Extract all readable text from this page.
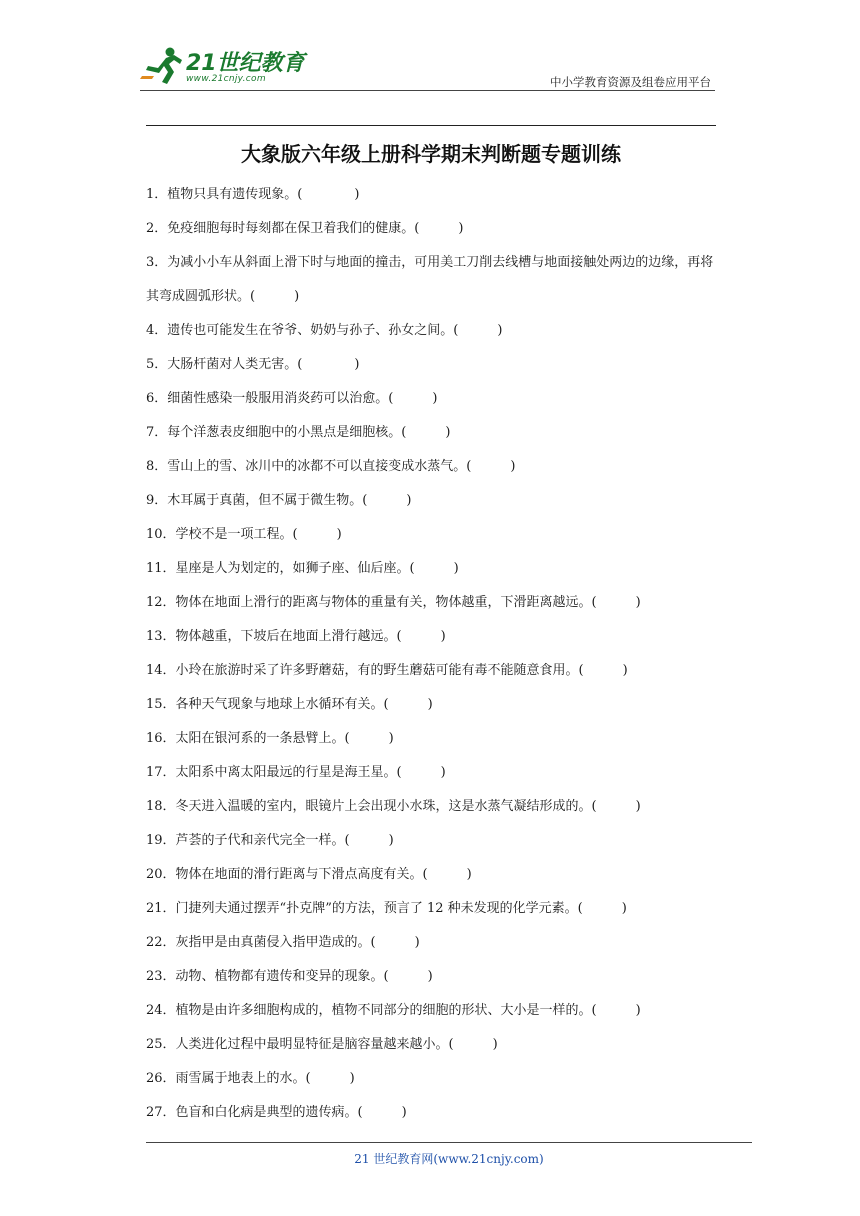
21世纪教育
www.21cnjy.com	中小学教育资源及组卷应用平台
大象版六年级上册科学期末判断题专题训练
1．植物只具有遗传现象。(　　　　)
2．免疫细胞每时每刻都在保卫着我们的健康。(　　　)
3．为减小小车从斜面上滑下时与地面的撞击，可用美工刀削去线槽与地面接触处两边的边缘，再将其弯成圆弧形状。(　　　)
4．遗传也可能发生在爷爷、奶奶与孙子、孙女之间。(　　　)
5．大肠杆菌对人类无害。(　　　　)
6．细菌性感染一般服用消炎药可以治愈。(　　　)
7．每个洋葱表皮细胞中的小黑点是细胞核。(　　　)
8．雪山上的雪、冰川中的冰都不可以直接变成水蒸气。(　　　)
9．木耳属于真菌，但不属于微生物。(　　　)
10．学校不是一项工程。(　　　)
11．星座是人为划定的，如狮子座、仙后座。(　　　)
12．物体在地面上滑行的距离与物体的重量有关，物体越重，下滑距离越远。(　　　)
13．物体越重，下坡后在地面上滑行越远。(　　　)
14．小玲在旅游时采了许多野蘑菇，有的野生蘑菇可能有毒不能随意食用。(　　　)
15．各种天气现象与地球上水循环有关。(　　　)
16．太阳在银河系的一条悬臂上。(　　　)
17．太阳系中离太阳最远的行星是海王星。(　　　)
18．冬天进入温暖的室内，眼镜片上会出现小水珠，这是水蒸气凝结形成的。(　　　)
19．芦荟的子代和亲代完全一样。(　　　)
20．物体在地面的滑行距离与下滑点高度有关。(　　　)
21．门捷列夫通过摆弄“扑克牌”的方法，预言了 12 种未发现的化学元素。(　　　)
22．灰指甲是由真菌侵入指甲造成的。(　　　)
23．动物、植物都有遗传和变异的现象。(　　　)
24．植物是由许多细胞构成的，植物不同部分的细胞的形状、大小是一样的。(　　　)
25．人类进化过程中最明显特征是脑容量越来越小。(　　　)
26．雨雪属于地表上的水。(　　　)
27．色盲和白化病是典型的遗传病。(　　　)
21 世纪教育网(www.21cnjy.com)
